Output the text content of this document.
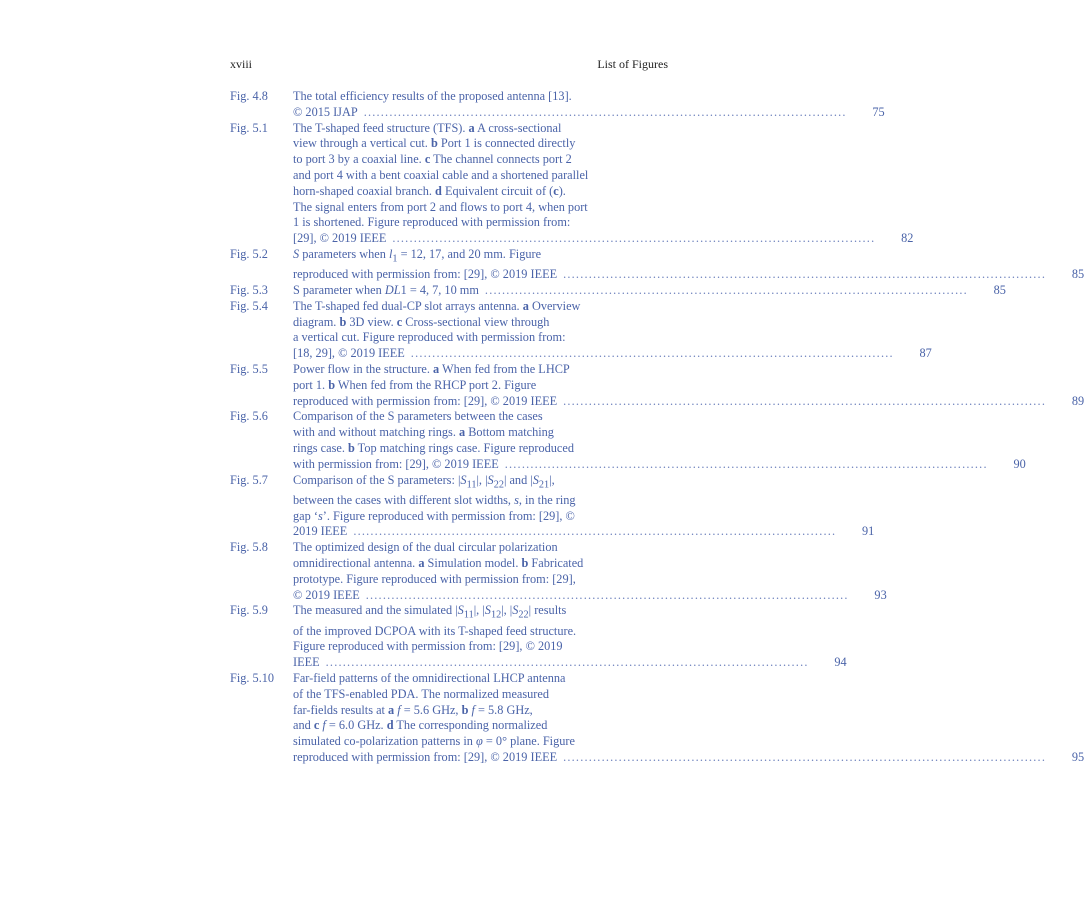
xviii	List of Figures
Fig. 4.8	The total efficiency results of the proposed antenna [13].
© 2015 IJAP .................................................................................................................	75
Fig. 5.1	The T-shaped feed structure (TFS). a A cross-sectional
view through a vertical cut. b Port 1 is connected directly
to port 3 by a coaxial line. c The channel connects port 2
and port 4 with a bent coaxial cable and a shortened parallel
horn-shaped coaxial branch. d Equivalent circuit of (c).
The signal enters from port 2 and flows to port 4, when port
1 is shortened. Figure reproduced with permission from:
[29], © 2019 IEEE .................................................................................................................	82
Fig. 5.2	S parameters when $l_1 = 12$, 17, and 20 mm. Figure
reproduced with permission from: [29], © 2019 IEEE .................................................................................................................	85
Fig. 5.3	S parameter when DL1 = 4, 7, 10 mm .................................................................................................................	85
Fig. 5.4	The T-shaped fed dual-CP slot arrays antenna. a Overview
diagram. b 3D view. c Cross-sectional view through
a vertical cut. Figure reproduced with permission from:
[18, 29], © 2019 IEEE .................................................................................................................	87
Fig. 5.5	Power flow in the structure. a When fed from the LHCP
port 1. b When fed from the RHCP port 2. Figure
reproduced with permission from: [29], © 2019 IEEE .................................................................................................................	89
Fig. 5.6	Comparison of the S parameters between the cases
with and without matching rings. a Bottom matching
rings case. b Top matching rings case. Figure reproduced
with permission from: [29], © 2019 IEEE .................................................................................................................	90
Fig. 5.7	Comparison of the S parameters: $|S_{11}|$, $|S_{22}|$ and $|S_{21}|$,
between the cases with different slot widths, s, in the ring
gap ‘s’. Figure reproduced with permission from: [29], ©
2019 IEEE .................................................................................................................	91
Fig. 5.8	The optimized design of the dual circular polarization
omnidirectional antenna. a Simulation model. b Fabricated
prototype. Figure reproduced with permission from: [29],
© 2019 IEEE .................................................................................................................	93
Fig. 5.9	The measured and the simulated $|S_{11}|$, $|S_{12}|$, $|S_{22}|$ results
of the improved DCPOA with its T-shaped feed structure.
Figure reproduced with permission from: [29], © 2019
IEEE .................................................................................................................	94
Fig. 5.10	Far-field patterns of the omnidirectional LHCP antenna
of the TFS-enabled PDA. The normalized measured
far-fields results at a f = 5.6 GHz, b f = 5.8 GHz,
and c f = 6.0 GHz. d The corresponding normalized
simulated co-polarization patterns in φ = 0° plane. Figure
reproduced with permission from: [29], © 2019 IEEE .................................................................................................................	95
